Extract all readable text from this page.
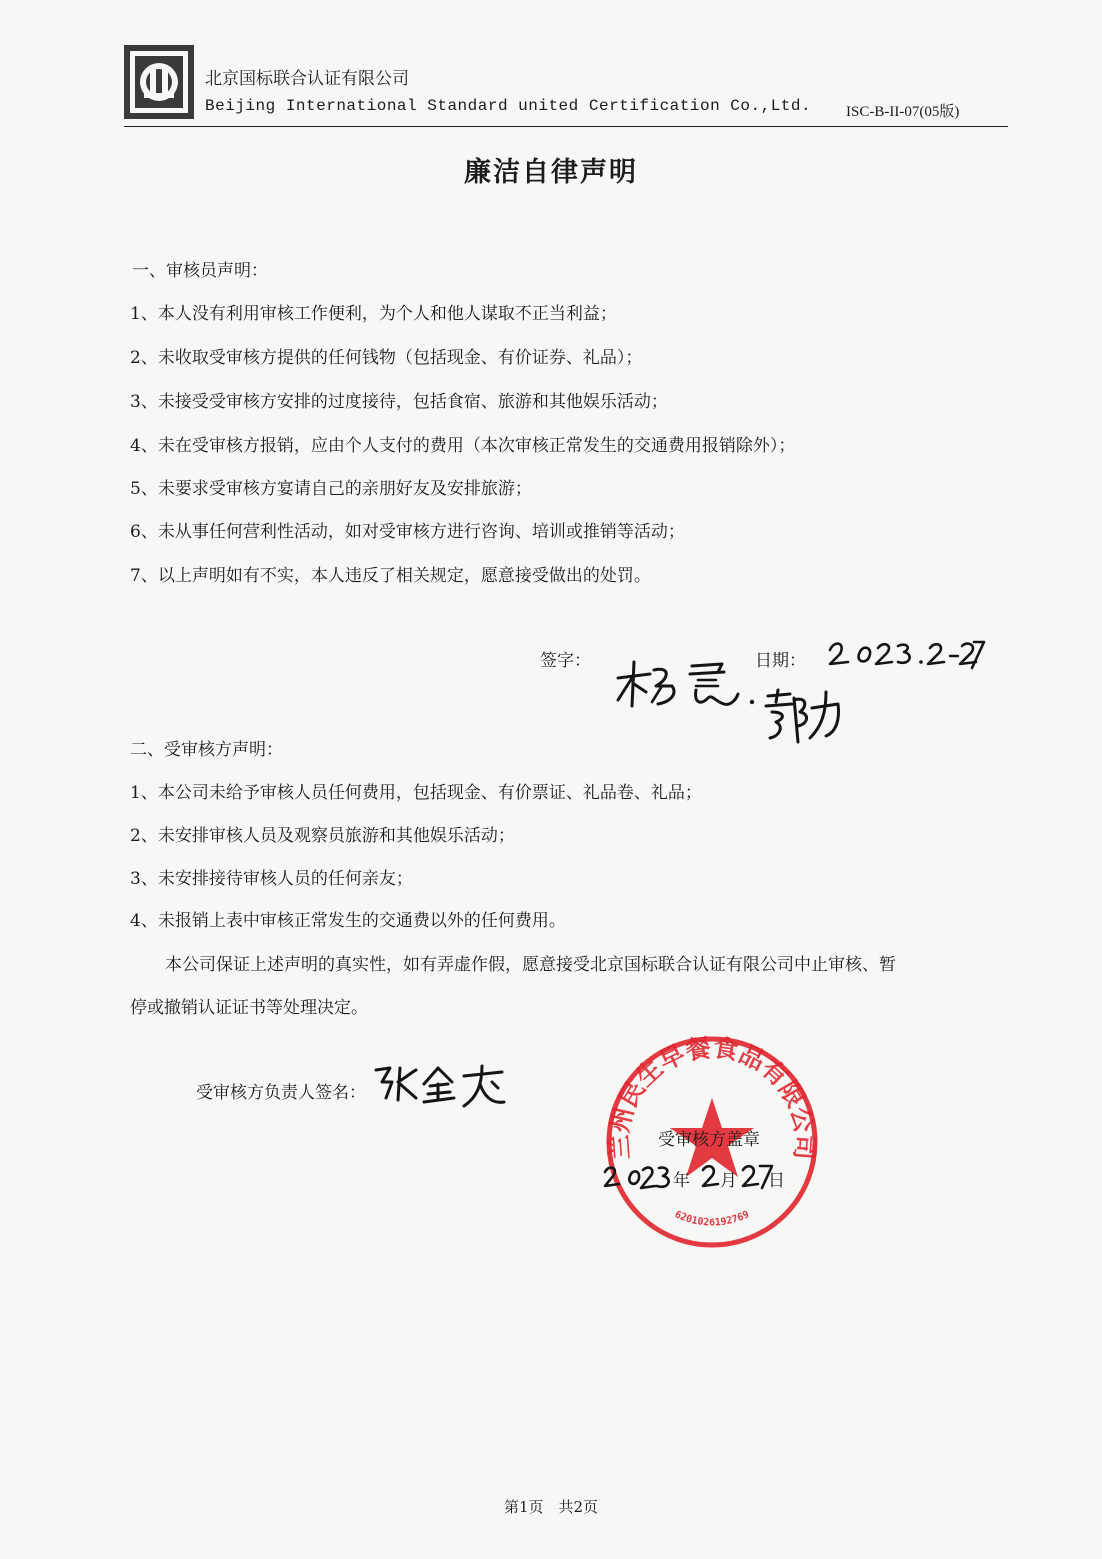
北京国标联合认证有限公司
Beijing International Standard united Certification Co.,Ltd. ISC-B-II-07(05版)
廉洁自律声明
一、审核员声明：
1、本人没有利用审核工作便利，为个人和他人谋取不正当利益；
2、未收取受审核方提供的任何钱物（包括现金、有价证券、礼品）；
3、未接受受审核方安排的过度接待，包括食宿、旅游和其他娱乐活动；
4、未在受审核方报销，应由个人支付的费用（本次审核正常发生的交通费用报销除外）；
5、未要求受审核方宴请自己的亲朋好友及安排旅游；
6、未从事任何营利性活动，如对受审核方进行咨询、培训或推销等活动；
7、以上声明如有不实，本人违反了相关规定，愿意接受做出的处罚。
签字：	日期：
二、受审核方声明：
1、本公司未给予审核人员任何费用，包括现金、有价票证、礼品卷、礼品；
2、未安排审核人员及观察员旅游和其他娱乐活动；
3、未安排接待审核人员的任何亲友；
4、未报销上表中审核正常发生的交通费以外的任何费用。
本公司保证上述声明的真实性，如有弄虚作假，愿意接受北京国标联合认证有限公司中止审核、暂
停或撤销认证证书等处理决定。
受审核方负责人签名：
兰州民生早餐食品有限公司
6201026192769
受审核方盖章
年 月 日
第1页　共2页
